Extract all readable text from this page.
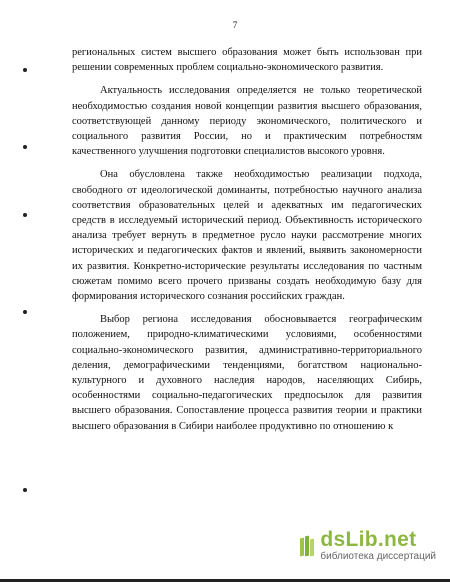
7

региональных систем высшего образования может быть использован при решении современных проблем социально-экономического развития.

Актуальность исследования определяется не только теоретической необходимостью создания новой концепции развития высшего образования, соответствующей данному периоду экономического, политического и социального развития России, но и практическим потребностям качественного улучшения подготовки специалистов высокого уровня.

Она обусловлена также необходимостью реализации подхода, свободного от идеологической доминанты, потребностью научного анализа соответствия образовательных целей и адекватных им педагогических средств в исследуемый исторический период. Объективность исторического анализа требует вернуть в предметное русло науки рассмотрение многих исторических и педагогических фактов и явлений, выявить закономерности их развития. Конкретно-исторические результаты исследования по частным сюжетам помимо всего прочего призваны создать необходимую базу для формирования исторического сознания российских граждан.

Выбор региона исследования обосновывается географическим положением, природно-климатическими условиями, особенностями социально-экономического развития, административно-территориального деления, демографическими тенденциями, богатством национально-культурного и духовного наследия народов, населяющих Сибирь, особенностями социально-педагогических предпосылок для развития высшего образования. Сопоставление процесса развития теории и практики высшего образования в Сибири наиболее продуктивно по отношению к

dsLib.net
библиотека диссертаций
